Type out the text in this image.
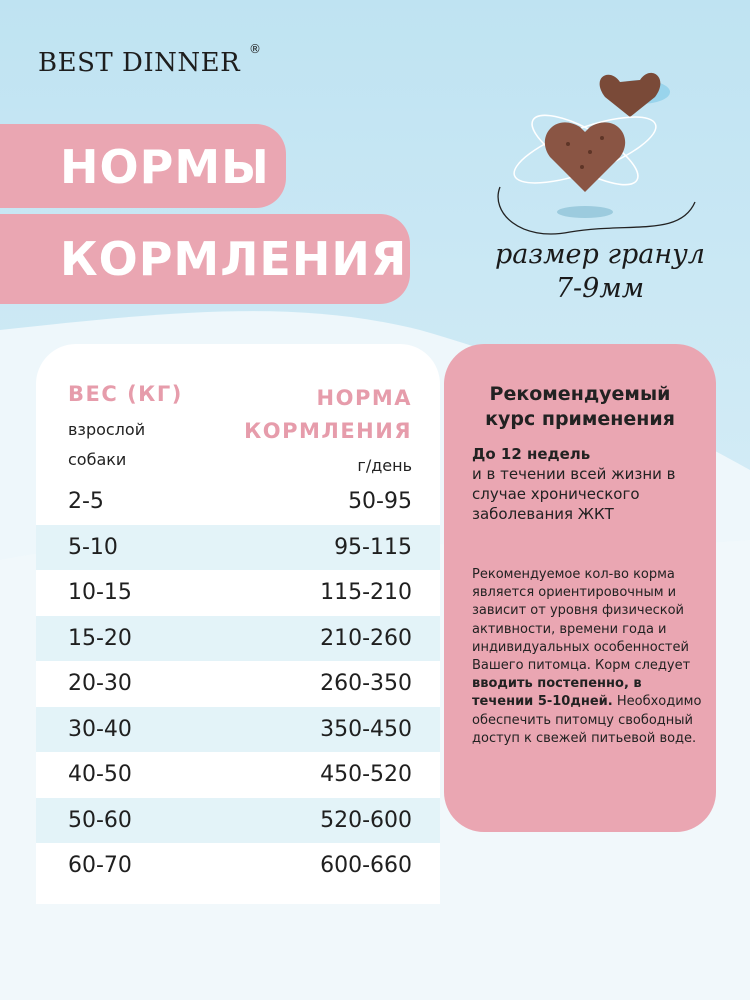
BEST DINNER ®
НОРМЫ
КОРМЛЕНИЯ	размер гранул
7-9мм
ВЕС (КГ)
взрослой
собаки
НОРМА
КОРМЛЕНИЯ
г/день
2-5	50-95
5-10	95-115
10-15	115-210
15-20	210-260
20-30	260-350
30-40	350-450
40-50	450-520
50-60	520-600
60-70	600-660
Рекомендуемый
курс применения
До 12 недель
и в течении всей жизни в случае хронического заболевания ЖКТ
Рекомендуемое кол-во корма является ориентировочным и зависит от уровня физической активности, времени года и индивидуальных особенностей Вашего питомца. Корм следует вводить постепенно, в течении 5-10дней. Необходимо обеспечить питомцу свободный доступ к свежей питьевой воде.
